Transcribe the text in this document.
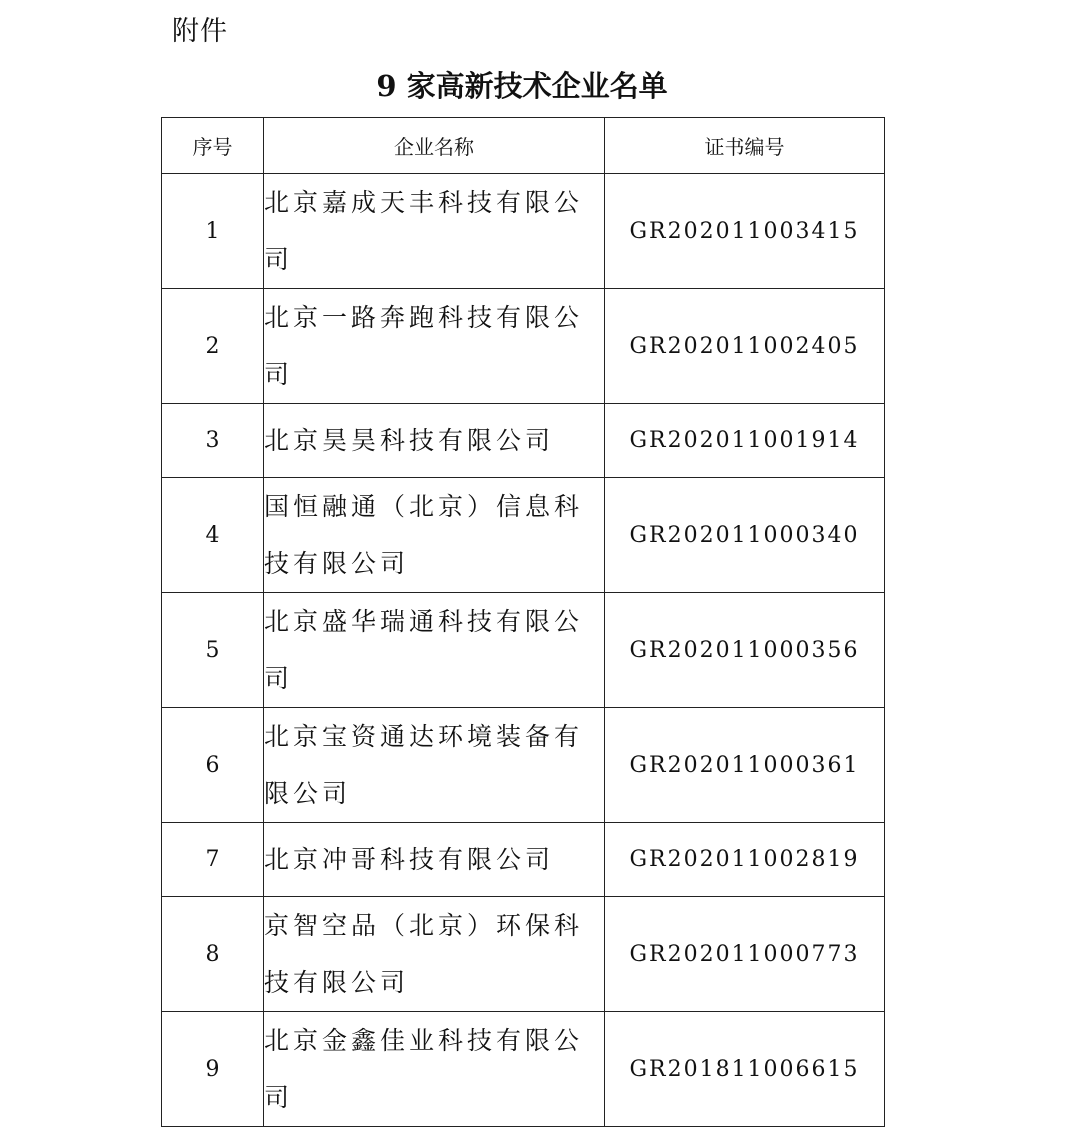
附件
9 家高新技术企业名单
序号	企业名称	证书编号
1	北京嘉成天丰科技有限公司	GR202011003415
2	北京一路奔跑科技有限公司	GR202011002405
3	北京昊昊科技有限公司	GR202011001914
4	国恒融通（北京）信息科技有限公司	GR202011000340
5	北京盛华瑞通科技有限公司	GR202011000356
6	北京宝资通达环境装备有限公司	GR202011000361
7	北京冲哥科技有限公司	GR202011002819
8	京智空品（北京）环保科技有限公司	GR202011000773
9	北京金鑫佳业科技有限公司	GR201811006615
